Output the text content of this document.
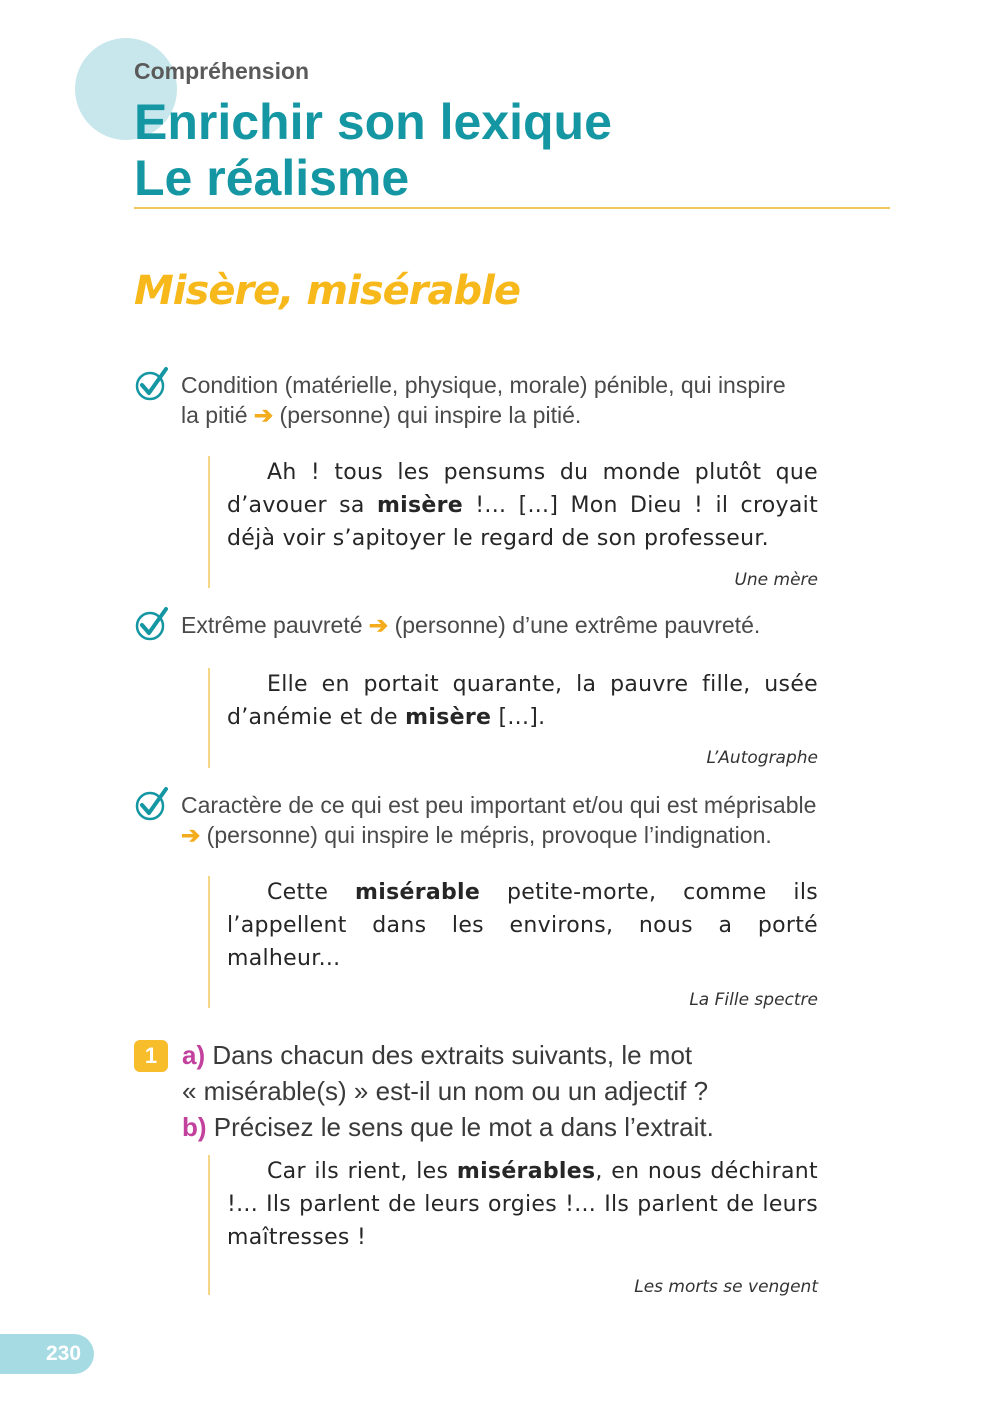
Compréhension
Enrichir son lexique
Le réalisme
Misère, misérable
Condition (matérielle, physique, morale) pénible, qui inspire
la pitié ➔ (personne) qui inspire la pitié.

Ah ! tous les pensums du monde plutôt que d’avouer sa misère !... [...] Mon Dieu ! il croyait déjà voir s’apitoyer le regard de son professeur.

Une mère
Extrême pauvreté ➔ (personne) d’une extrême pauvreté.

Elle en portait quarante, la pauvre fille, usée d’anémie et de misère [...].

L’Autographe
Caractère de ce qui est peu important et/ou qui est méprisable
➔ (personne) qui inspire le mépris, provoque l’indignation.

Cette misérable petite-morte, comme ils l’appellent dans les environs, nous a porté malheur...

La Fille spectre
1 a) Dans chacun des extraits suivants, le mot
« misérable(s) » est-il un nom ou un adjectif ?
b) Précisez le sens que le mot a dans l’extrait.

Car ils rient, les misérables, en nous déchirant !... Ils parlent de leurs orgies !... Ils parlent de leurs maîtresses !

Les morts se vengent
230
